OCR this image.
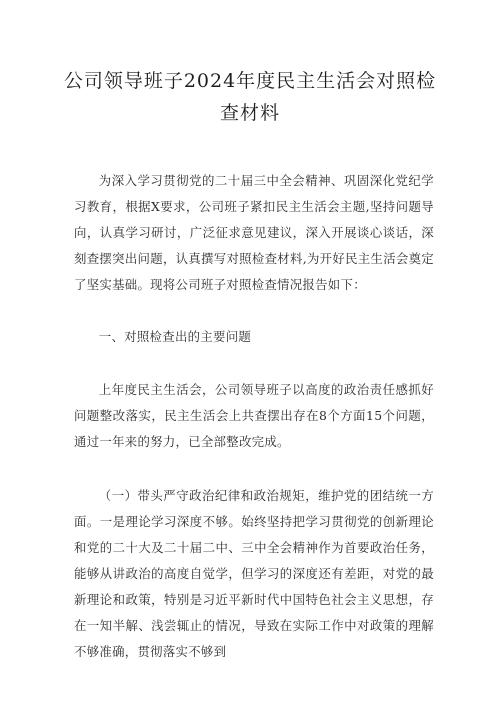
公司领导班子2024年度民主生活会对照检
查材料

为深入学习贯彻党的二十届三中全会精神、巩固深化党纪学习教育，根据X要求，公司班子紧扣民主生活会主题,坚持问题导向，认真学习研讨，广泛征求意见建议，深入开展谈心谈话，深刻查摆突出问题，认真撰写对照检查材料,为开好民主生活会奠定了坚实基础。现将公司班子对照检查情况报告如下：

一、对照检查出的主要问题

上年度民主生活会，公司领导班子以高度的政治责任感抓好问题整改落实，民主生活会上共查摆出存在8个方面15个问题，通过一年来的努力，已全部整改完成。

（一）带头严守政治纪律和政治规矩，维护党的团结统一方面。一是理论学习深度不够。始终坚持把学习贯彻党的创新理论和党的二十大及二十届二中、三中全会精神作为首要政治任务，能够从讲政治的高度自觉学，但学习的深度还有差距，对党的最新理论和政策，特别是习近平新时代中国特色社会主义思想，存在一知半解、浅尝辄止的情况，导致在实际工作中对政策的理解不够准确，贯彻落实不够到
